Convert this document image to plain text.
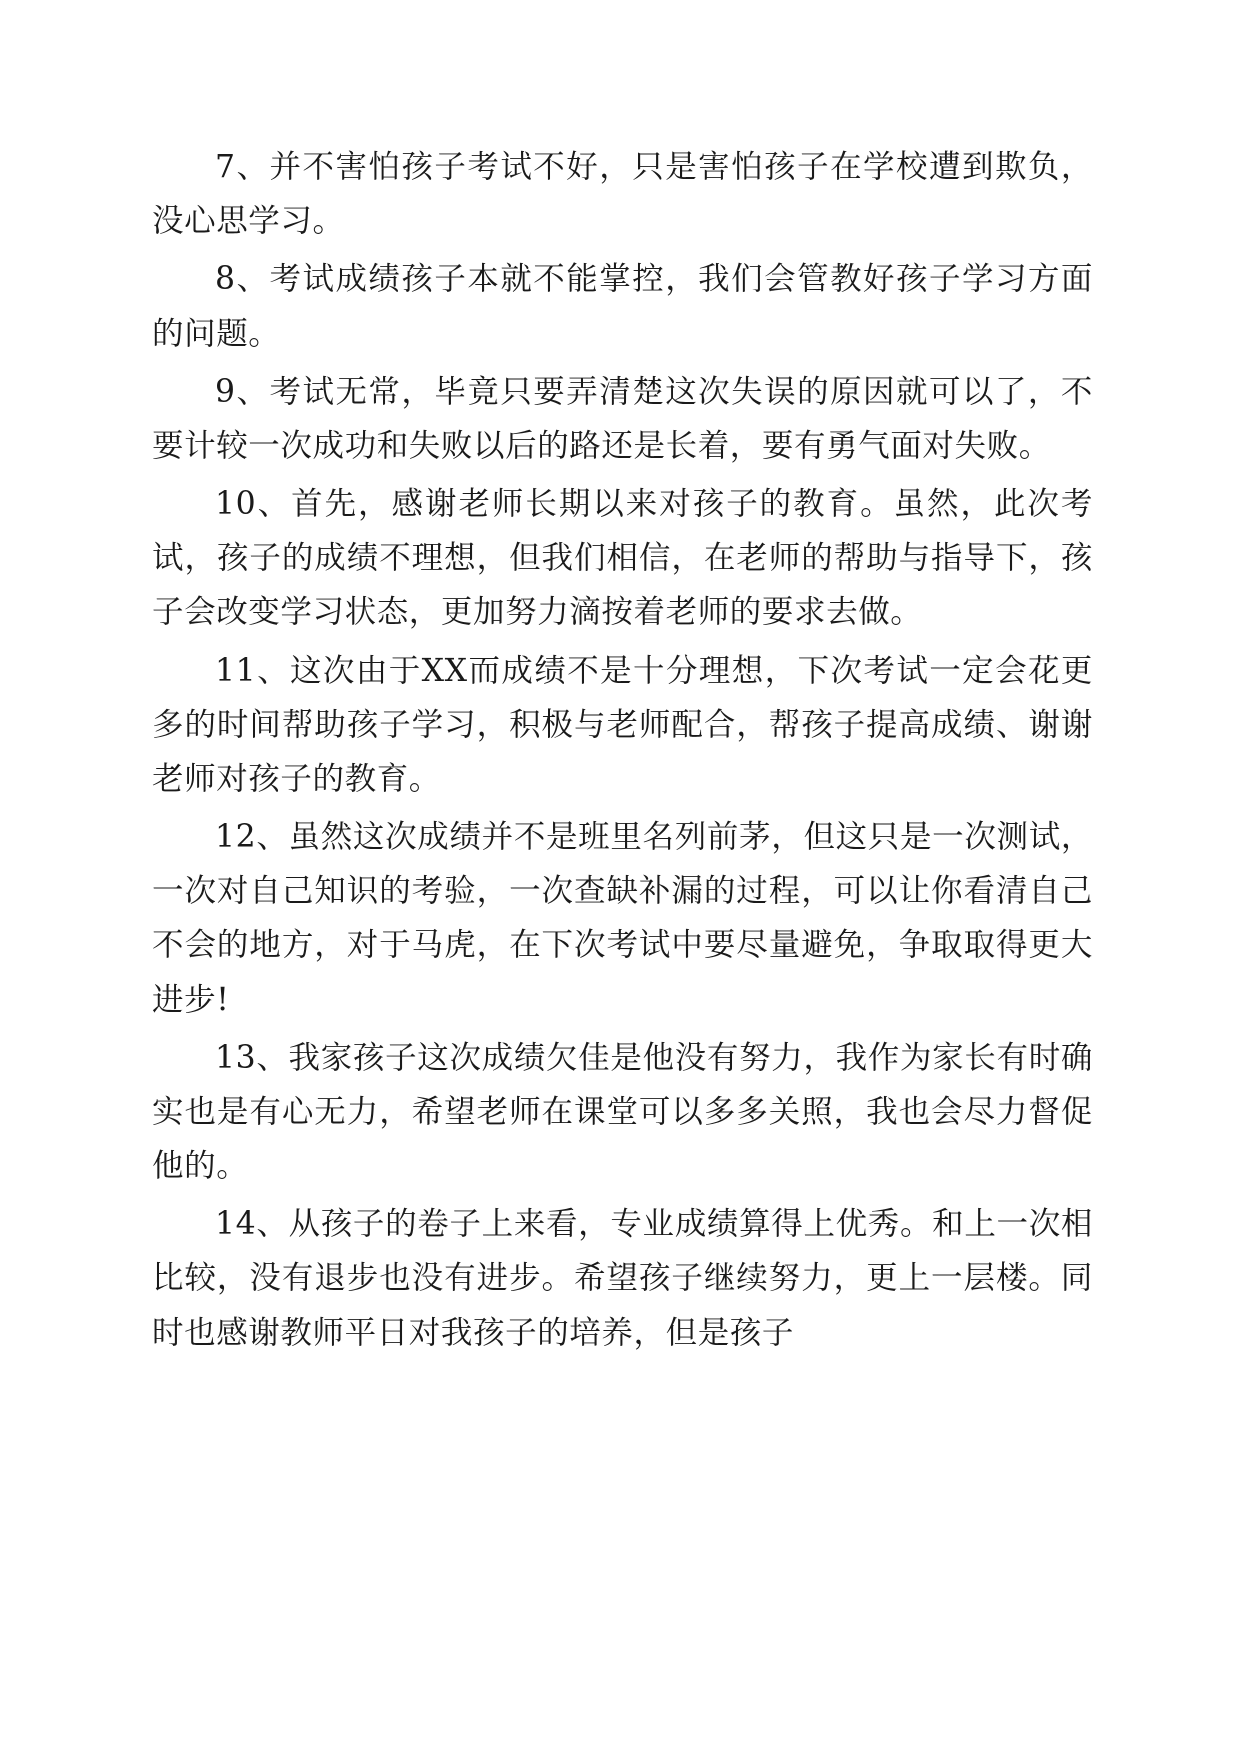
7、并不害怕孩子考试不好，只是害怕孩子在学校遭到欺负，没心思学习。

8、考试成绩孩子本就不能掌控，我们会管教好孩子学习方面的问题。

9、考试无常，毕竟只要弄清楚这次失误的原因就可以了，不要计较一次成功和失败以后的路还是长着，要有勇气面对失败。

10、首先，感谢老师长期以来对孩子的教育。虽然，此次考试，孩子的成绩不理想，但我们相信，在老师的帮助与指导下，孩子会改变学习状态，更加努力滴按着老师的要求去做。

11、这次由于XX而成绩不是十分理想，下次考试一定会花更多的时间帮助孩子学习，积极与老师配合，帮孩子提高成绩、谢谢老师对孩子的教育。

12、虽然这次成绩并不是班里名列前茅，但这只是一次测试，一次对自己知识的考验，一次查缺补漏的过程，可以让你看清自己不会的地方，对于马虎，在下次考试中要尽量避免，争取取得更大进步!

13、我家孩子这次成绩欠佳是他没有努力，我作为家长有时确实也是有心无力，希望老师在课堂可以多多关照，我也会尽力督促他的。

14、从孩子的卷子上来看，专业成绩算得上优秀。和上一次相比较，没有退步也没有进步。希望孩子继续努力，更上一层楼。同时也感谢教师平日对我孩子的培养，但是孩子
